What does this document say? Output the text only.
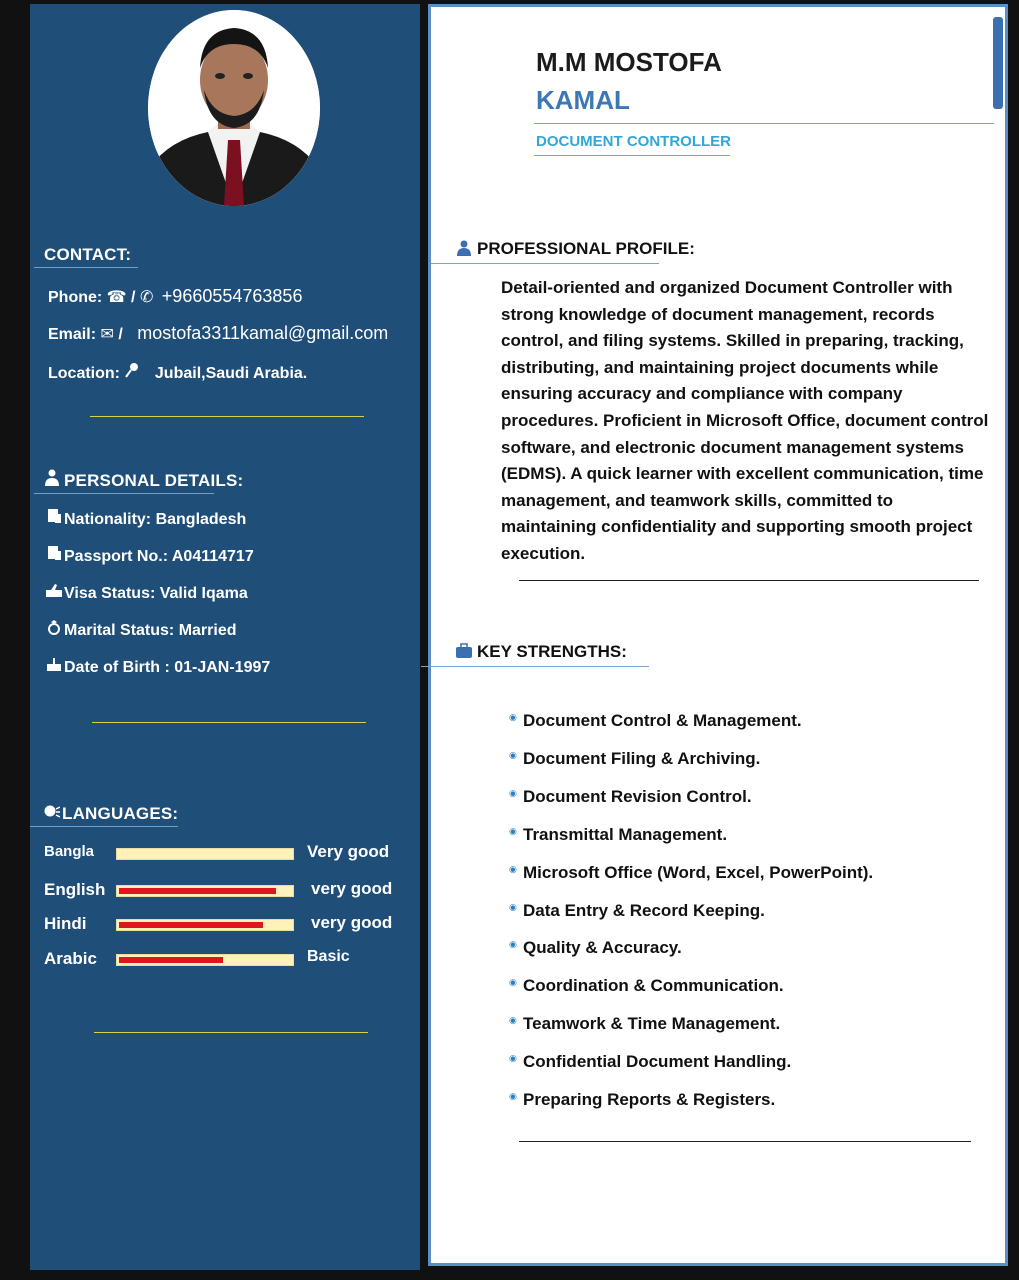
CONTACT:
Phone: ☎ / ✆ +9660554763856
Email: ✉ / mostofa3311kamal@gmail.com
Location: Jubail,Saudi Arabia.
PERSONAL DETAILS:
LANGUAGES:
Nationality: Bangladesh
Passport No.: A04114717
Visa Status: Valid Iqama
Marital Status: Married
Date of Birth : 01-JAN-1997
Bangla	Very good
English	very good
Hindi	very good
Arabic	Basic
M.M MOSTOFA
KAMAL
DOCUMENT CONTROLLER
PROFESSIONAL PROFILE:
Detail-oriented and organized Document Controller with strong knowledge of document management, records control, and filing systems. Skilled in preparing, tracking, distributing, and maintaining project documents while ensuring accuracy and compliance with company procedures. Proficient in Microsoft Office, document control software, and electronic document management systems (EDMS). A quick learner with excellent communication, time management, and teamwork skills, committed to maintaining confidentiality and supporting smooth project execution.
KEY STRENGTHS:
◉ Document Control & Management.
◉ Document Filing & Archiving.
◉ Document Revision Control.
◉ Transmittal Management.
◉ Microsoft Office (Word, Excel, PowerPoint).
◉ Data Entry & Record Keeping.
◉ Quality & Accuracy.
◉ Coordination & Communication.
◉ Teamwork & Time Management.
◉ Confidential Document Handling.
◉ Preparing Reports & Registers.
